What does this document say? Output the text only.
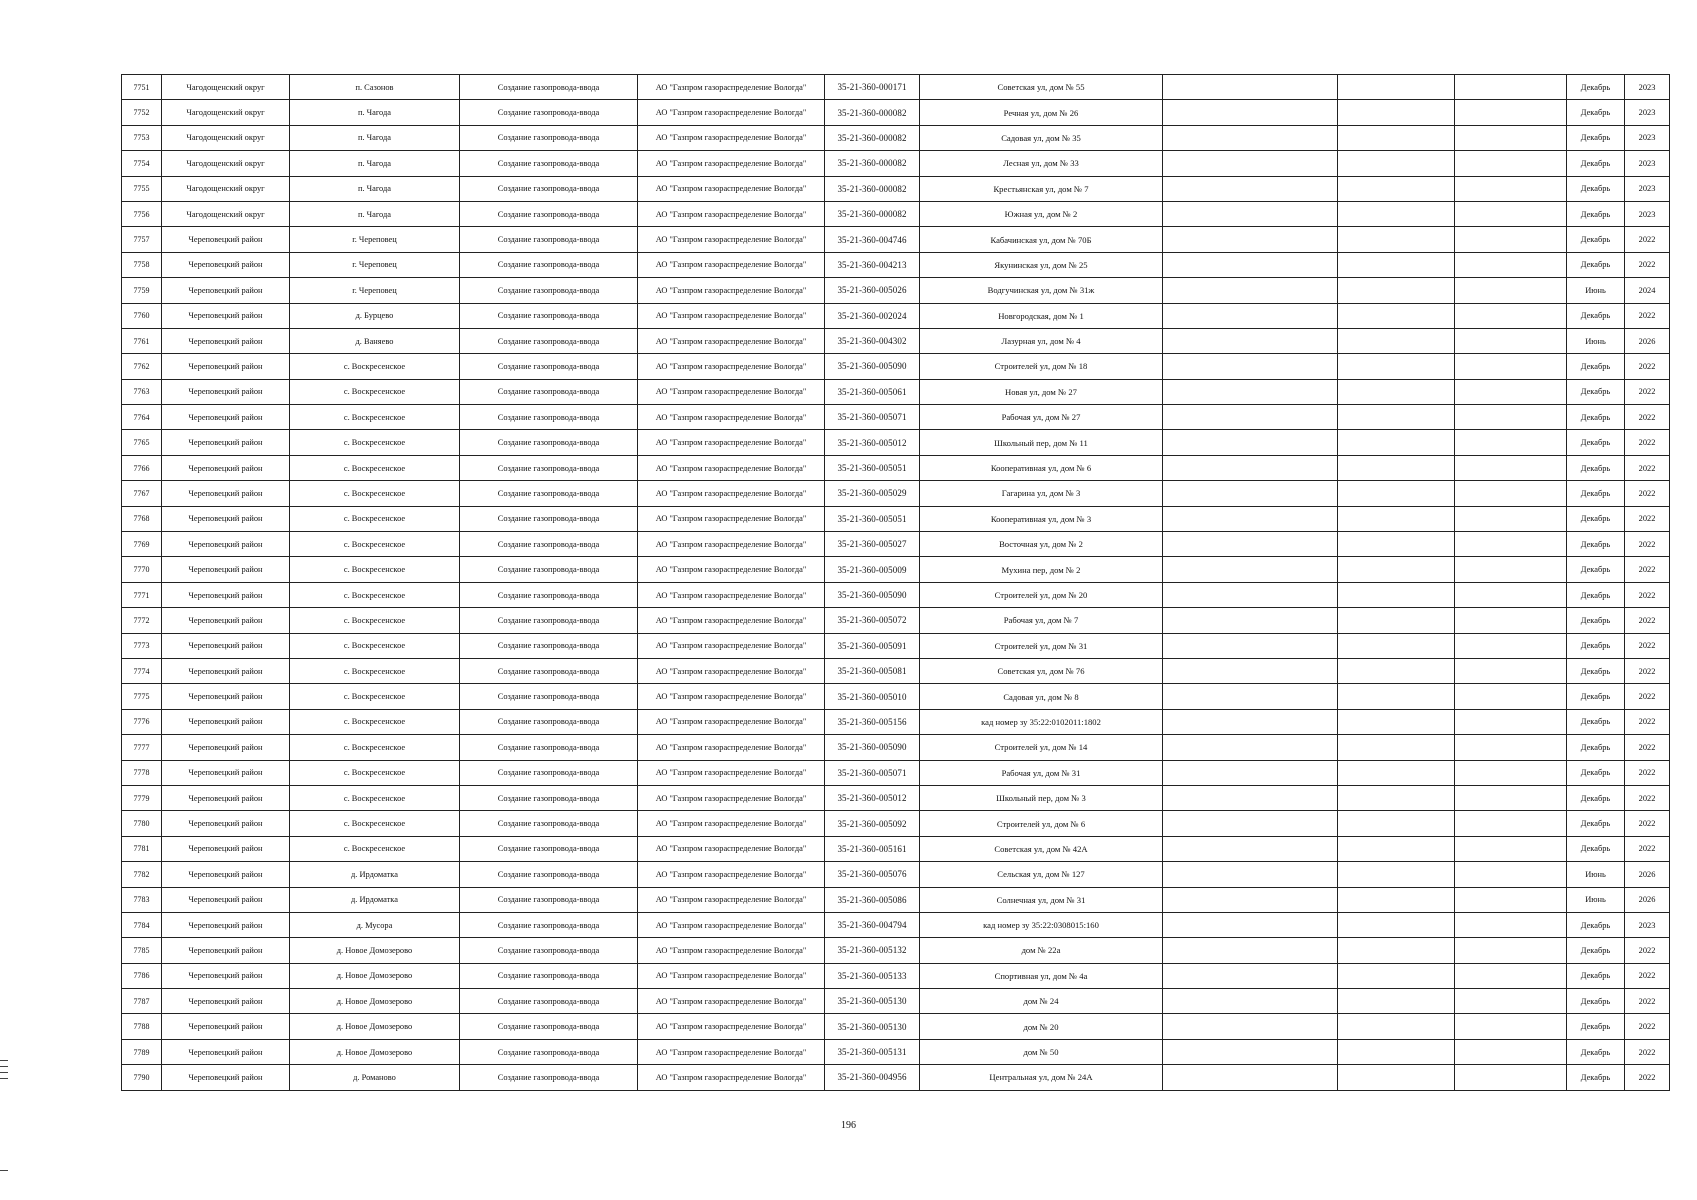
7751	Чагодощенский округ	п. Сазонов	Создание газопровода-ввода	АО "Газпром газораспределение Вологда"	35-21-360-000171	Советская ул, дом № 55				Декабрь	2023
7752	Чагодощенский округ	п. Чагода	Создание газопровода-ввода	АО "Газпром газораспределение Вологда"	35-21-360-000082	Речная ул, дом № 26				Декабрь	2023
7753	Чагодощенский округ	п. Чагода	Создание газопровода-ввода	АО "Газпром газораспределение Вологда"	35-21-360-000082	Садовая ул, дом № 35				Декабрь	2023
7754	Чагодощенский округ	п. Чагода	Создание газопровода-ввода	АО "Газпром газораспределение Вологда"	35-21-360-000082	Лесная ул, дом № 33				Декабрь	2023
7755	Чагодощенский округ	п. Чагода	Создание газопровода-ввода	АО "Газпром газораспределение Вологда"	35-21-360-000082	Крестьянская ул, дом № 7				Декабрь	2023
7756	Чагодощенский округ	п. Чагода	Создание газопровода-ввода	АО "Газпром газораспределение Вологда"	35-21-360-000082	Южная ул, дом № 2				Декабрь	2023
7757	Череповецкий район	г. Череповец	Создание газопровода-ввода	АО "Газпром газораспределение Вологда"	35-21-360-004746	Кабачинская ул, дом № 70Б				Декабрь	2022
7758	Череповецкий район	г. Череповец	Создание газопровода-ввода	АО "Газпром газораспределение Вологда"	35-21-360-004213	Якунинская ул, дом № 25				Декабрь	2022
7759	Череповецкий район	г. Череповец	Создание газопровода-ввода	АО "Газпром газораспределение Вологда"	35-21-360-005026	Водгучинская ул, дом № 31ж				Июнь	2024
7760	Череповецкий район	д. Бурцево	Создание газопровода-ввода	АО "Газпром газораспределение Вологда"	35-21-360-002024	Новгородская, дом № 1				Декабрь	2022
7761	Череповецкий район	д. Ваняево	Создание газопровода-ввода	АО "Газпром газораспределение Вологда"	35-21-360-004302	Лазурная ул, дом № 4				Июнь	2026
7762	Череповецкий район	с. Воскресенское	Создание газопровода-ввода	АО "Газпром газораспределение Вологда"	35-21-360-005090	Строителей ул, дом № 18				Декабрь	2022
7763	Череповецкий район	с. Воскресенское	Создание газопровода-ввода	АО "Газпром газораспределение Вологда"	35-21-360-005061	Новая ул, дом № 27				Декабрь	2022
7764	Череповецкий район	с. Воскресенское	Создание газопровода-ввода	АО "Газпром газораспределение Вологда"	35-21-360-005071	Рабочая ул, дом № 27				Декабрь	2022
7765	Череповецкий район	с. Воскресенское	Создание газопровода-ввода	АО "Газпром газораспределение Вологда"	35-21-360-005012	Школьный пер, дом № 11				Декабрь	2022
7766	Череповецкий район	с. Воскресенское	Создание газопровода-ввода	АО "Газпром газораспределение Вологда"	35-21-360-005051	Кооперативная ул, дом № 6				Декабрь	2022
7767	Череповецкий район	с. Воскресенское	Создание газопровода-ввода	АО "Газпром газораспределение Вологда"	35-21-360-005029	Гагарина ул, дом № 3				Декабрь	2022
7768	Череповецкий район	с. Воскресенское	Создание газопровода-ввода	АО "Газпром газораспределение Вологда"	35-21-360-005051	Кооперативная ул, дом № 3				Декабрь	2022
7769	Череповецкий район	с. Воскресенское	Создание газопровода-ввода	АО "Газпром газораспределение Вологда"	35-21-360-005027	Восточная ул, дом № 2				Декабрь	2022
7770	Череповецкий район	с. Воскресенское	Создание газопровода-ввода	АО "Газпром газораспределение Вологда"	35-21-360-005009	Мухина пер, дом № 2				Декабрь	2022
7771	Череповецкий район	с. Воскресенское	Создание газопровода-ввода	АО "Газпром газораспределение Вологда"	35-21-360-005090	Строителей ул, дом № 20				Декабрь	2022
7772	Череповецкий район	с. Воскресенское	Создание газопровода-ввода	АО "Газпром газораспределение Вологда"	35-21-360-005072	Рабочая ул, дом № 7				Декабрь	2022
7773	Череповецкий район	с. Воскресенское	Создание газопровода-ввода	АО "Газпром газораспределение Вологда"	35-21-360-005091	Строителей ул, дом № 31				Декабрь	2022
7774	Череповецкий район	с. Воскресенское	Создание газопровода-ввода	АО "Газпром газораспределение Вологда"	35-21-360-005081	Советская ул, дом № 76				Декабрь	2022
7775	Череповецкий район	с. Воскресенское	Создание газопровода-ввода	АО "Газпром газораспределение Вологда"	35-21-360-005010	Садовая ул, дом № 8				Декабрь	2022
7776	Череповецкий район	с. Воскресенское	Создание газопровода-ввода	АО "Газпром газораспределение Вологда"	35-21-360-005156	кад номер зу 35:22:0102011:1802				Декабрь	2022
7777	Череповецкий район	с. Воскресенское	Создание газопровода-ввода	АО "Газпром газораспределение Вологда"	35-21-360-005090	Строителей ул, дом № 14				Декабрь	2022
7778	Череповецкий район	с. Воскресенское	Создание газопровода-ввода	АО "Газпром газораспределение Вологда"	35-21-360-005071	Рабочая ул, дом № 31				Декабрь	2022
7779	Череповецкий район	с. Воскресенское	Создание газопровода-ввода	АО "Газпром газораспределение Вологда"	35-21-360-005012	Школьный пер, дом № 3				Декабрь	2022
7780	Череповецкий район	с. Воскресенское	Создание газопровода-ввода	АО "Газпром газораспределение Вологда"	35-21-360-005092	Строителей ул, дом № 6				Декабрь	2022
7781	Череповецкий район	с. Воскресенское	Создание газопровода-ввода	АО "Газпром газораспределение Вологда"	35-21-360-005161	Советская ул, дом № 42А				Декабрь	2022
7782	Череповецкий район	д. Ирдоматка	Создание газопровода-ввода	АО "Газпром газораспределение Вологда"	35-21-360-005076	Сельская ул, дом № 127				Июнь	2026
7783	Череповецкий район	д. Ирдоматка	Создание газопровода-ввода	АО "Газпром газораспределение Вологда"	35-21-360-005086	Солнечная ул, дом № 31				Июнь	2026
7784	Череповецкий район	д. Мусора	Создание газопровода-ввода	АО "Газпром газораспределение Вологда"	35-21-360-004794	кад номер зу 35:22:0308015:160				Декабрь	2023
7785	Череповецкий район	д. Новое Домозерово	Создание газопровода-ввода	АО "Газпром газораспределение Вологда"	35-21-360-005132	дом № 22а				Декабрь	2022
7786	Череповецкий район	д. Новое Домозерово	Создание газопровода-ввода	АО "Газпром газораспределение Вологда"	35-21-360-005133	Спортивная ул, дом № 4а				Декабрь	2022
7787	Череповецкий район	д. Новое Домозерово	Создание газопровода-ввода	АО "Газпром газораспределение Вологда"	35-21-360-005130	дом № 24				Декабрь	2022
7788	Череповецкий район	д. Новое Домозерово	Создание газопровода-ввода	АО "Газпром газораспределение Вологда"	35-21-360-005130	дом № 20				Декабрь	2022
7789	Череповецкий район	д. Новое Домозерово	Создание газопровода-ввода	АО "Газпром газораспределение Вологда"	35-21-360-005131	дом № 50				Декабрь	2022
7790	Череповецкий район	д. Романово	Создание газопровода-ввода	АО "Газпром газораспределение Вологда"	35-21-360-004956	Центральная ул, дом № 24А				Декабрь	2022
196
